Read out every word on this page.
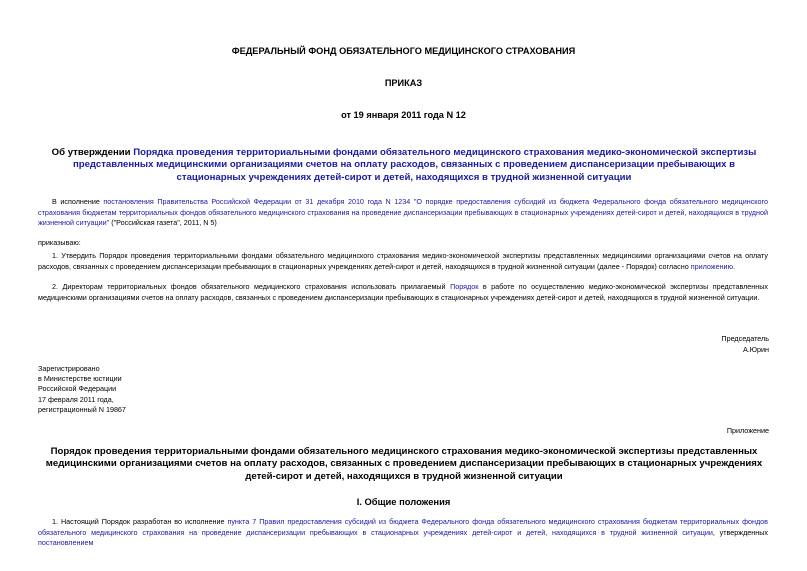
ФЕДЕРАЛЬНЫЙ ФОНД ОБЯЗАТЕЛЬНОГО МЕДИЦИНСКОГО СТРАХОВАНИЯ
ПРИКАЗ
от 19 января 2011 года N 12
Об утверждении Порядка проведения территориальными фондами обязательного медицинского страхования медико-экономической экспертизы представленных медицинскими организациями счетов на оплату расходов, связанных с проведением диспансеризации пребывающих в стационарных учреждениях детей-сирот и детей, находящихся в трудной жизненной ситуации
В исполнение постановления Правительства Российской Федерации от 31 декабря 2010 года N 1234 "О порядке предоставления субсидий из бюджета Федерального фонда обязательного медицинского страхования бюджетам территориальных фондов обязательного медицинского страхования на проведение диспансеризации пребывающих в стационарных учреждениях детей-сирот и детей, находящихся в трудной жизненной ситуации" ("Российская газета", 2011, N 5)
приказываю:
1. Утвердить Порядок проведения территориальными фондами обязательного медицинского страхования медико-экономической экспертизы представленных медицинскими организациями счетов на оплату расходов, связанных с проведением диспансеризации пребывающих в стационарных учреждениях детей-сирот и детей, находящихся в трудной жизненной ситуации (далее - Порядок) согласно приложению.
2. Директорам территориальных фондов обязательного медицинского страхования использовать прилагаемый Порядок в работе по осуществлению медико-экономической экспертизы представленных медицинскими организациями счетов на оплату расходов, связанных с проведением диспансеризации пребывающих в стационарных учреждениях детей-сирот и детей, находящихся в трудной жизненной ситуации.
Председатель
А.Юрин
Зарегистрировано
в Министерстве юстиции
Российской Федерации
17 февраля 2011 года,
регистрационный N 19867
Приложение
Порядок проведения территориальными фондами обязательного медицинского страхования медико-экономической экспертизы представленных медицинскими организациями счетов на оплату расходов, связанных с проведением диспансеризации пребывающих в стационарных учреждениях детей-сирот и детей, находящихся в трудной жизненной ситуации
I. Общие положения
1. Настоящий Порядок разработан во исполнение пункта 7 Правил предоставления субсидий из бюджета Федерального фонда обязательного медицинского страхования бюджетам территориальных фондов обязательного медицинского страхования на проведение диспансеризации пребывающих в стационарных учреждениях детей-сирот и детей, находящихся в трудной жизненной ситуации, утвержденных постановлением
